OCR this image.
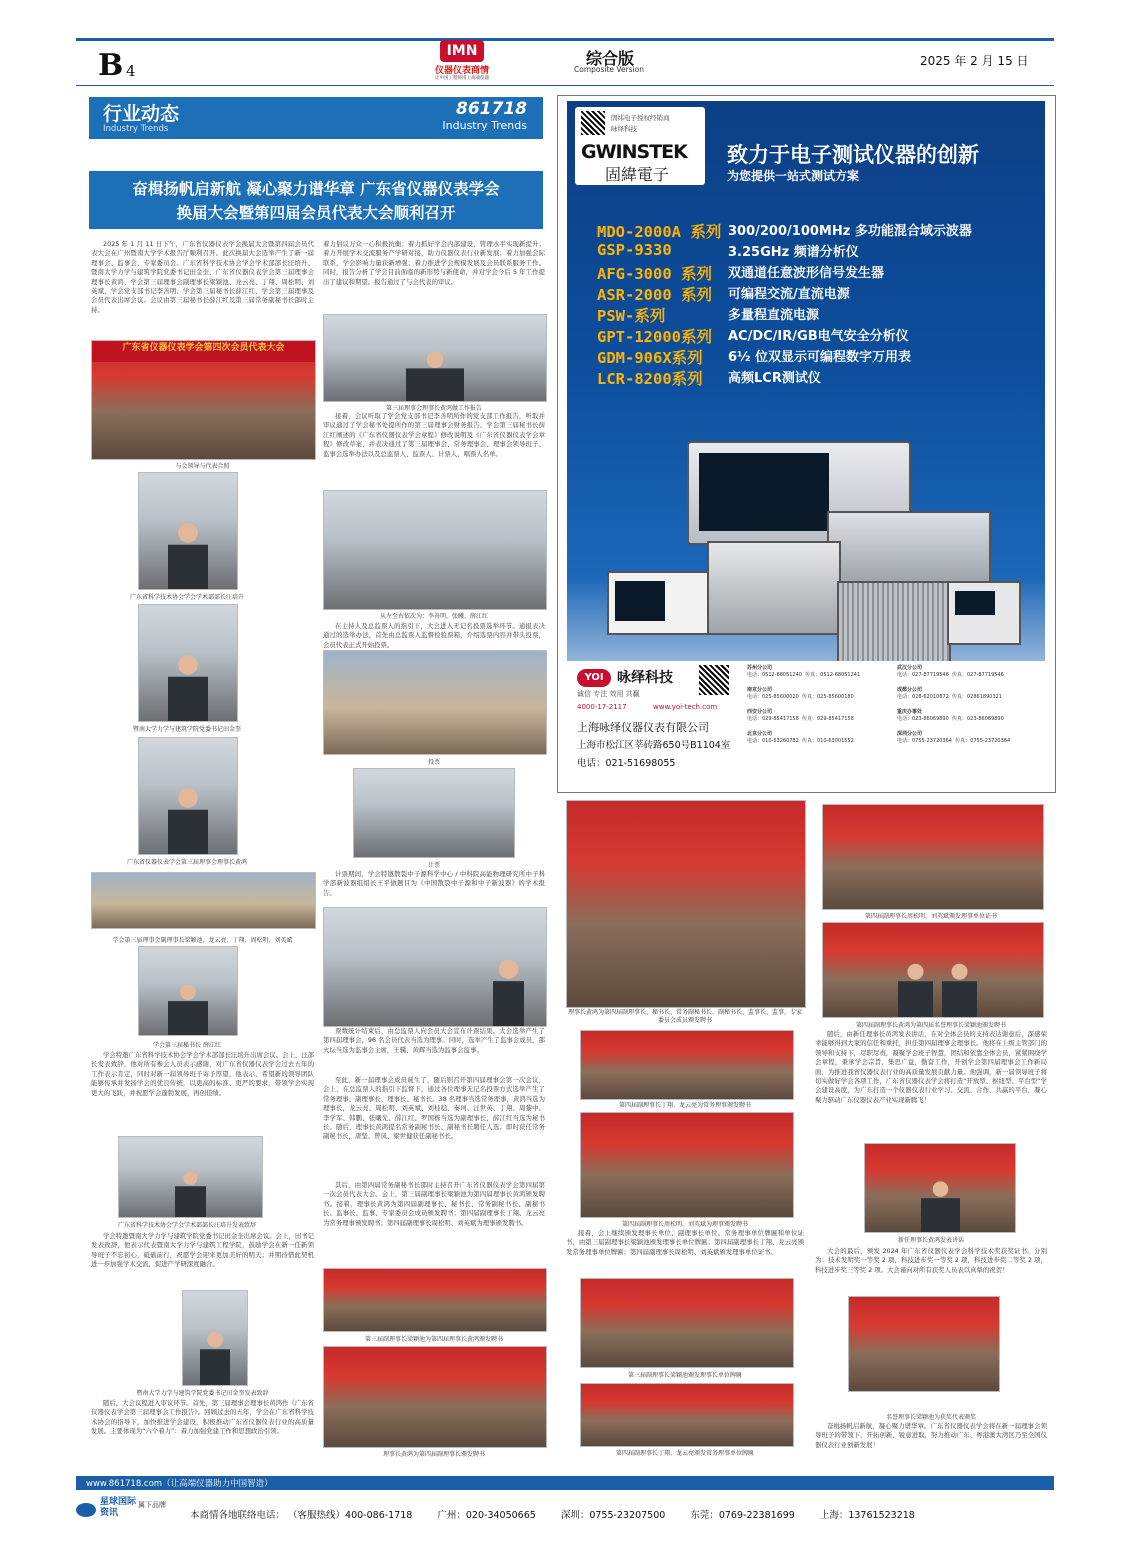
B 4
IMN
仪器仪表商情
让中国工程师用上高端仪器
综合版
Composite Version
2025 年 2 月 15 日
行业动态
Industry Trends
861718
Industry Trends
奋楫扬帆启新航 凝心聚力谱华章 广东省仪器仪表学会
换届大会暨第四届会员代表大会顺利召开
2025 年 1 月 11 日下午，广东省仪器仪表学会换届大会暨第四届会员代表大会在广州暨南大学学术报告厅顺利召开。此次换届大会选举产生了新一届理事会、监事会、专家委员会。广东省科学技术协会学会学术部部长汪培升、暨南大学力学与建筑学院党委书记田金奎、广东省仪器仪表学会第三届理事会理事长黄鸿、学会第三届理事会副理事长梁颖池、龙云亮、丁翔、周松明、刘英斌，学会党支部书记李善明、学会第三届秘书长薛江红、学会第三届理事及会员代表出席会议。会议由第三届秘书长薛江红及第三届常务副秘书长邵时主持。
广东省仪器仪表学会第四次会员代表大会
与会领导与代表合照
广东省科学技术协会学会学术部部长汪培升
暨南大学力学与建筑学院党委书记田金奎
广东省仪器仪表学会第三届理事会理事长黄鸿
学会第三届理事会副理事长梁颖池、龙云亮、丁翔、周松明、刘英斌
学会第三届秘书长 薛江红
学会特邀广东省科学技术协会学会学术部部长汪培升出席会议。会上，汪部长发表致辞，他对所有参会人员表示感谢，对广东省仪器仪表学会过去五年的工作表示肯定，同时对新一届领导班子寄予厚望，他表示，希望新的领导团队能够传承并发扬学会的优良传统，以更高的标准、更严的要求，带领学会实现更大的飞跃，并祝愿学会蓬勃发展，再创佳绩。
广东省科学技术协会学会学术部部长汪培升发表致辞
学会特邀暨南大学力学与建筑学院党委书记田金奎出席会议。会上，田书记发表致辞，他表示代表暨南大学力学与建筑工程学院，鼓励学会在新一任新领导班子不忘初心，砥砺前行，祝愿学会迎来更加美好的明天；并期待借此契机进一步加强学术交流，促进产学研深度融合。
暨南大学力学与建筑学院党委书记田金奎发表致辞
随后，大会议程进入审议环节。首先，第三届理事会理事长黄鸿作《广东省仪器仪表学会第三届理事会工作报告》。回顾过去的五年，学会在广东省科学技术协会的指导下，加快推进学会建设，积极推动广东省仪器仪表行业的高质量发展。主要体现为“六个着力”：着力加强党建工作和思想政治引领；
着力倡议万众一心积极抗衡；着力抓好学会内部建设，管理水平实现新提升；着力开展学术交流服务产学研对接，助力仪器仪表行业新发展；着力加强会际联系，学会影响力量获新增强；着力推进学会规模发展及会员联系服务工作。同时，报告分析了学会目前面临的新形势与新使命，并对学会今后 5 年工作提出了建议和期望。报告通过了与会代表的审议。
第三届理事会理事长黄鸿做工作报告
接着，会议听取了学会党支部书记李善明所作的党支部工作报告，听取并审议通过了学会秘书处提所作的第三届理事会财务报告、学会第三届秘书长薛江红阐述的《广东省仪器仪表学会章程》修改说明及《广东省仪器仪表学会章程》修改草案，并表决通过了第三届理事会、常务理事会、理事会领导班子、监事会选举办法以及总监票人、监票人、计票人、唱票人名单。
从左至右依次为：李善明、张曦、薛江红
在主持人及总监票人的指引下，大会进入无记名投票选举环节。通报表决通过的选举办法，首先由总监票人监督检验票箱，介绍选票内容并带头投票，会员代表正式开始投票。
投票
计票
计票期间，学会特邀散裂中子源科学中心 / 中科院高能物理研究所中子科学部新波器组组长王平做题目为《中国散裂中子源和中子新波器》的学术报告。
票数统计结束后，由总监票人向会员大会宣布计票结果。大会选举产生了第四届理事会，96 名会员代表当选为理事。同时，选举产生了监事会成员，邵火坛当选为监事会主席，王骥、黄辉当选为监事会监事。
至此，新一届理事会成员诞生了，随后则召开第四届理事会第一次会议，会上，在总监票人的指引下监督下，通过各位理事无记名投票方式选举产生了常务理事、副理事长、理事长、秘书长。38 名理事当选常务理事，黄鸿当选为理事长，龙云亮、周松明、刘英斌、刘桂稳、秦珂、汪世英、丁翔、周黎中、李学军、韩鹏、张曦光、薛江红、罗国栋当选为副理事长，薛江红当选为秘书长。随后，理事长黄鸿提名常务副秘书长、副秘书长聘任人选；即时获任常务副秘书长，唐坚、曾凤、梁世健获任副秘书长。
其后，由第四届常务副秘书长邵时主持召开广东省仪器仪表学会第四届第一次会员代表大会。会上，第三届副理事长梁颖池为第四届理事长黄鸿颁发聘书。接着，理事长黄鸿为第四届副理事长、秘书长、常务副秘书长、副秘书长、监事长、监事、专家委员会成员颁发聘书；第四届副理事长丁翔、龙云亮为常务理事颁发聘书；第四届副理事长周松明、刘英斌为理事颁发聘书。
第三届副理事长梁颖池为第四届理事长黄鸿颁发聘书
理事长黄鸿为第四届副理事长颁发聘书
固纬电子授权经销商
咏绎科技
GWINSTEK
固緯電子
致力于电子测试仪器的创新
为您提供一站式测试方案
MDO-2000A 系列 300/200/100MHz 多功能混合域示波器
GSP-9330	3.25GHz 频谱分析仪
AFG-3000 系列 双通道任意波形信号发生器
ASR-2000 系列 可编程交流/直流电源
PSW-系列	多量程直流电源
GPT-12000系列 AC/DC/IR/GB电气安全分析仪
GDM-906X系列 6½ 位双显示可编程数字万用表
LCR-8200系列 高频LCR测试仪
YOI 咏绎科技
诚信 专注 效用 共赢
4000-17-2117	www.yoi-tech.com
上海咏绎仪器仪表有限公司
上海市松江区莘砖路650号B1104室
电话：021-51698055
苏州分公司
电话：0512-68051240 传真：0512-68051241
武汉分公司
电话：027-87719546 传真：027-87719546
南京分公司
电话：025-85600020 传真：025-85600180
成都分公司
电话：028-62010872 传真：02861890321
西安分公司
电话：029-85417158 传真：029-85417158
重庆办事处
电话：023-86069890 传真：023-86069890
北京分公司
电话：010-63260782 传真：010-63001552
深圳分公司
电话：0755-23720364 传真：0755-23720364
理事长黄鸿为第四届副理事长、秘书长、常务副秘书长、副秘书长、监事长、监事、专家委员会成员颁发聘书
第四届副理事长丁翔、龙云亮为常务理事颁发聘书
第四届副理事长周松明、刘英斌为理事颁发聘书
接着，会上继续颁发理事长单位、副理事长单位、常务理事单位牌匾和单位证书，由第三届副理事长梁颖池颁发理事长单位牌匾；第四届副理事长丁翔、龙云亮颁发常务理事单位牌匾；第四届副理事长周松明、刘英斌颁发理事单位证书。
第三届副理事长梁颖池颁发理事长单位牌匾
第四届副理事长丁翔、龙云亮颁发常务理事单位牌匾
第四届副理事长周松明、刘英斌颁发理事单位证书
第四届副理事长黄鸿为第四届名誉理事长梁颖池颁发聘书
随后，由新任理事长黄鸿发表讲话，在对全体会员的支持表达谢意后，深感荣幸能够得到大家的信任和重托，担任第四届理事会理事长。他将在上级主管部门的领导和支持下，尽职尽责，凝聚学会班子智慧，团结和依靠全体会员，紧紧围绕学会章程，秉承学会宗旨，集思广益，勤奋工作，开创学会第四届理事会工作新局面，为推进我省仪器仪表行业的高质量发展贡献力量。他强调，新一届领导班子将切实做好学会各项工作，广东省仪器仪表学会将打造“开放型、枢纽型、平台型”学会建设高度，为广东打造一个仪器仪表行业学习、交流、合作、共赢的平台，凝心聚力驱动广东仪器仪表产业实现新腾飞！
新任理事长黄鸿发表讲话
大会的最后，颁发 2024 年广东省仪器仪表学会科学技术奖获奖证书。分别为：技术发明奖一等奖 2 项，科技进步奖一等奖 2 项，科技进步奖二等奖 2 项，科技进步奖三等奖 2 项。大会谨向对所有获奖人员表以真挚的祝贺！
名誉理事长梁颖池为获奖代表颁奖
奋楫扬帆启新航，凝心聚力谱华章。广东省仪器仪表学会将在新一届理事会领导班子的带领下，开拓创新，锐意进取，努力推动广东、粤港澳大湾区乃至全国仪器仪表行业创新发展！
www.861718.com（让高端仪器助力中国智造）
星球国际资讯
属下品牌
本商情各地联络电话： （客服热线）400-086-1718	广州：020-34050665	深圳：0755-23207500	东莞：0769-22381699	上海：13761523218
